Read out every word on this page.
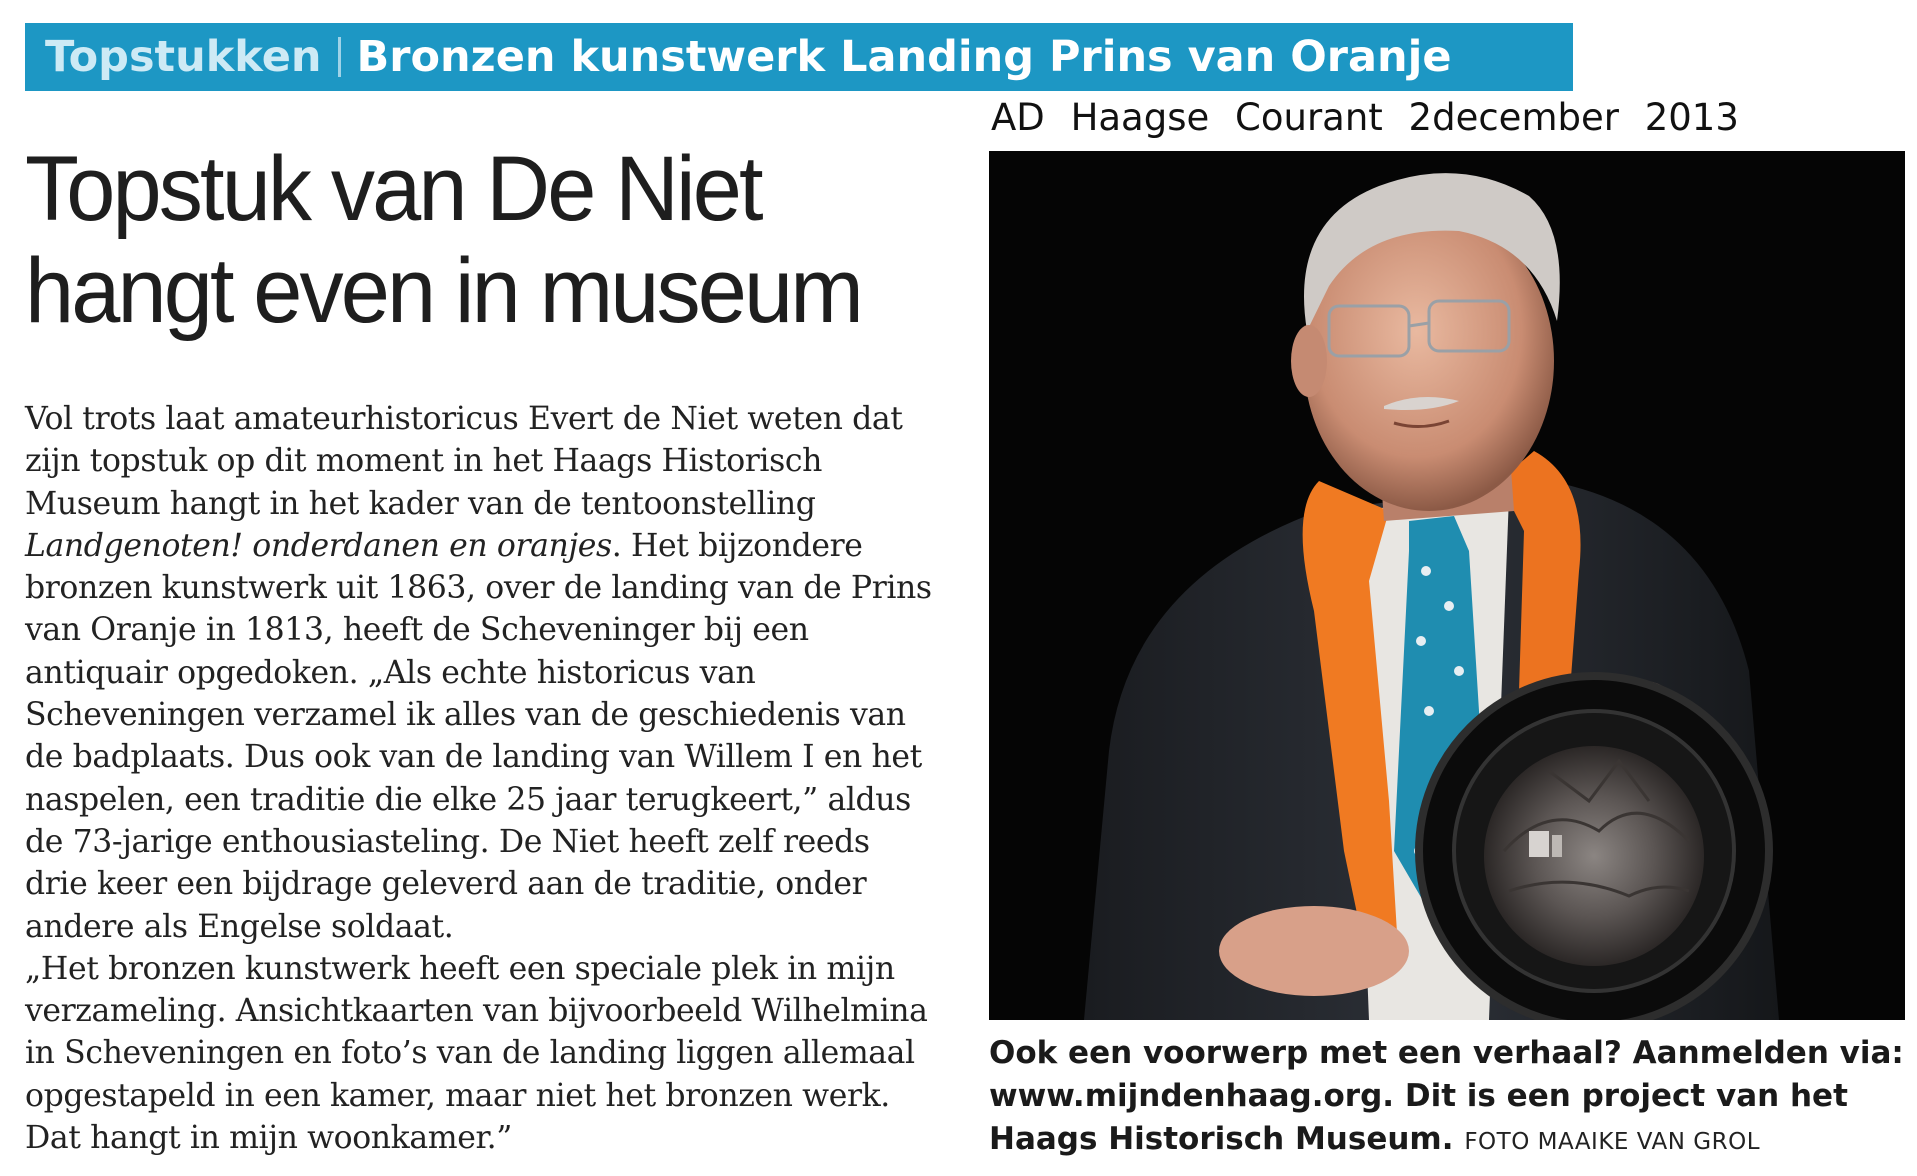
Topstukken Bronzen kunstwerk Landing Prins van Oranje
AD Haagse Courant 2december 2013
Topstuk van De Niet
hangt even in museum

Vol trots laat amateurhistoricus Evert de Niet weten dat zijn topstuk op dit moment in het Haags Historisch Museum hangt in het kader van de tentoonstelling Landgenoten! onderdanen en oranjes. Het bijzondere bronzen kunstwerk uit 1863, over de landing van de Prins van Oranje in 1813, heeft de Scheveninger bij een antiquair opgedoken. „Als echte historicus van Scheveningen verzamel ik alles van de geschiedenis van de badplaats. Dus ook van de landing van Willem I en het naspelen, een traditie die elke 25 jaar terugkeert,” aldus de 73-jarige enthousiasteling. De Niet heeft zelf reeds drie keer een bijdrage geleverd aan de traditie, onder andere als Engelse soldaat.

„Het bronzen kunstwerk heeft een speciale plek in mijn verzameling. Ansichtkaarten van bijvoorbeeld Wilhelmina in Scheveningen en foto’s van de landing liggen allemaal opgestapeld in een kamer, maar niet het bronzen werk. Dat hangt in mijn woonkamer.”

Ook een voorwerp met een verhaal? Aanmelden via: www.mijndenhaag.org. Dit is een project van het Haags Historisch Museum. FOTO MAAIKE VAN GROL
